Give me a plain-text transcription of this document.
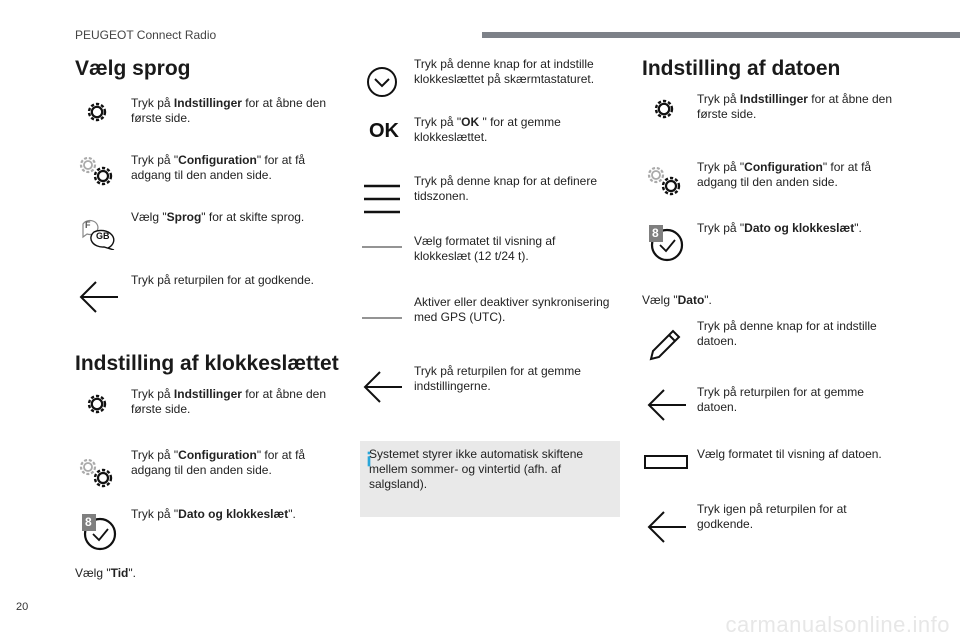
PEUGEOT Connect Radio
20
carmanualsonline.info
Vælg sprog
Tryk på Indstillinger for at åbne den første side.
Tryk på "Configuration" for at få adgang til den anden side.
F
GB
Vælg "Sprog" for at skifte sprog.
Tryk på returpilen for at godkende.
Indstilling af klokkeslættet
Tryk på Indstillinger for at åbne den første side.
Tryk på "Configuration" for at få adgang til den anden side.
8
Tryk på "Dato og klokkeslæt".
Vælg "Tid".
Tryk på denne knap for at indstille klokkeslættet på skærmtastaturet.
OK Tryk på "OK " for at gemme klokkeslættet.
Tryk på denne knap for at definere tidszonen.
Vælg formatet til visning af klokkeslæt (12 t/24 t).
Aktiver eller deaktiver synkronisering med GPS (UTC).
Tryk på returpilen for at gemme indstillingerne.
Systemet styrer ikke automatisk skiftene mellem sommer- og vintertid (afh. af salgsland).
Indstilling af datoen
Tryk på Indstillinger for at åbne den første side.
Tryk på "Configuration" for at få adgang til den anden side.
8	Tryk på "Dato og klokkeslæt".
Vælg "Dato".
Tryk på denne knap for at indstille datoen.
Tryk på returpilen for at gemme datoen.
Vælg formatet til visning af datoen.
Tryk igen på returpilen for at godkende.
